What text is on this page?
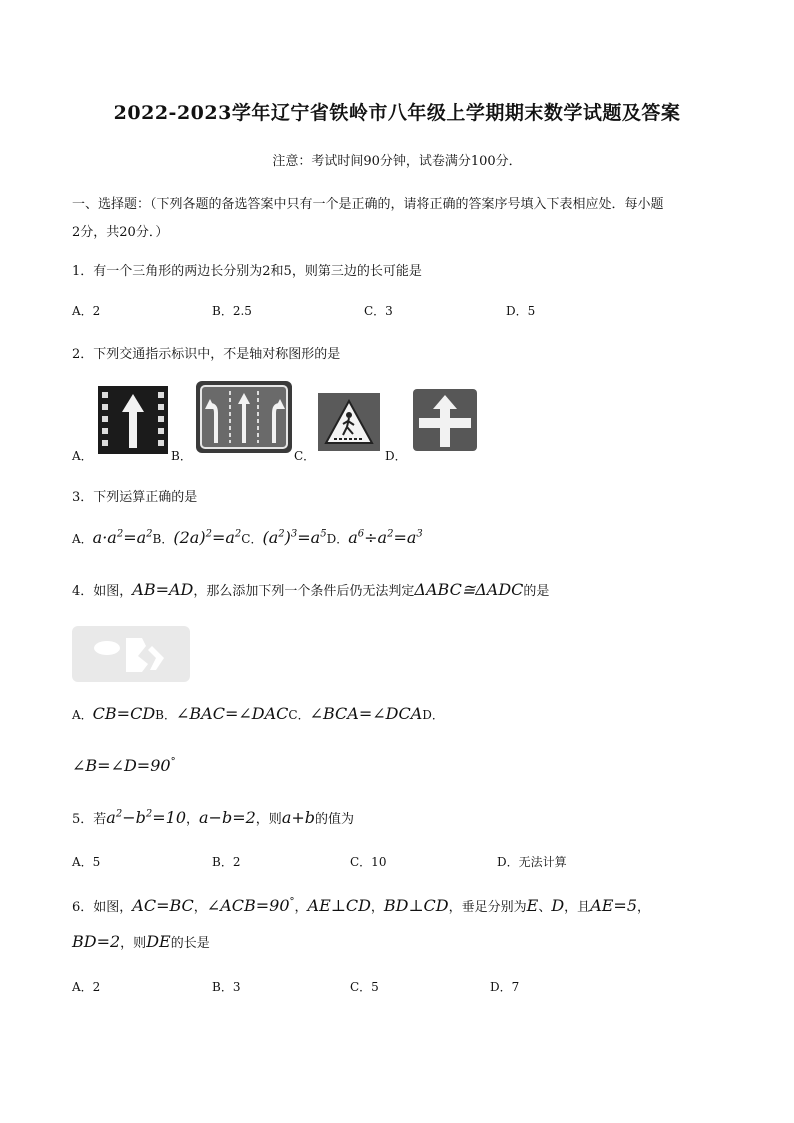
2022-2023学年辽宁省铁岭市八年级上学期期末数学试题及答案
注意：考试时间90分钟，试卷满分100分．
一、选择题：（下列各题的备选答案中只有一个是正确的，请将正确的答案序号填入下表相应处．每小题
2分，共20分．）
1．有一个三角形的两边长分别为2和5，则第三边的长可能是
A．2	B．2.5	C．3	D．5
2．下列交通指示标识中，不是轴对称图形的是
A．	B．	C．	D．
3．下列运算正确的是
A．$a\cdot a^2=a^2B$．$(2a)^2=a^2C$．$(a^2)^3=a^5D$．$a^6\div a^2=a^3$
4．如图，AB=AD，那么添加下列一个条件后仍无法判定ΔABC≅ΔADC的是
A．CB=CDB．∠BAC=∠DACC．∠BCA=∠DCAD．
∠B=∠D=90°
5．若$a^2-b^2=10$，a−b=2，则a+b的值为
A．5	B．2	C．10	D．无法计算
6．如图，AC=BC，∠ACB=90°，AE⊥CD，BD⊥CD，垂足分别为E、D，且AE=5，
BD=2，则DE的长是
A．2	B．3	C．5	D．7
